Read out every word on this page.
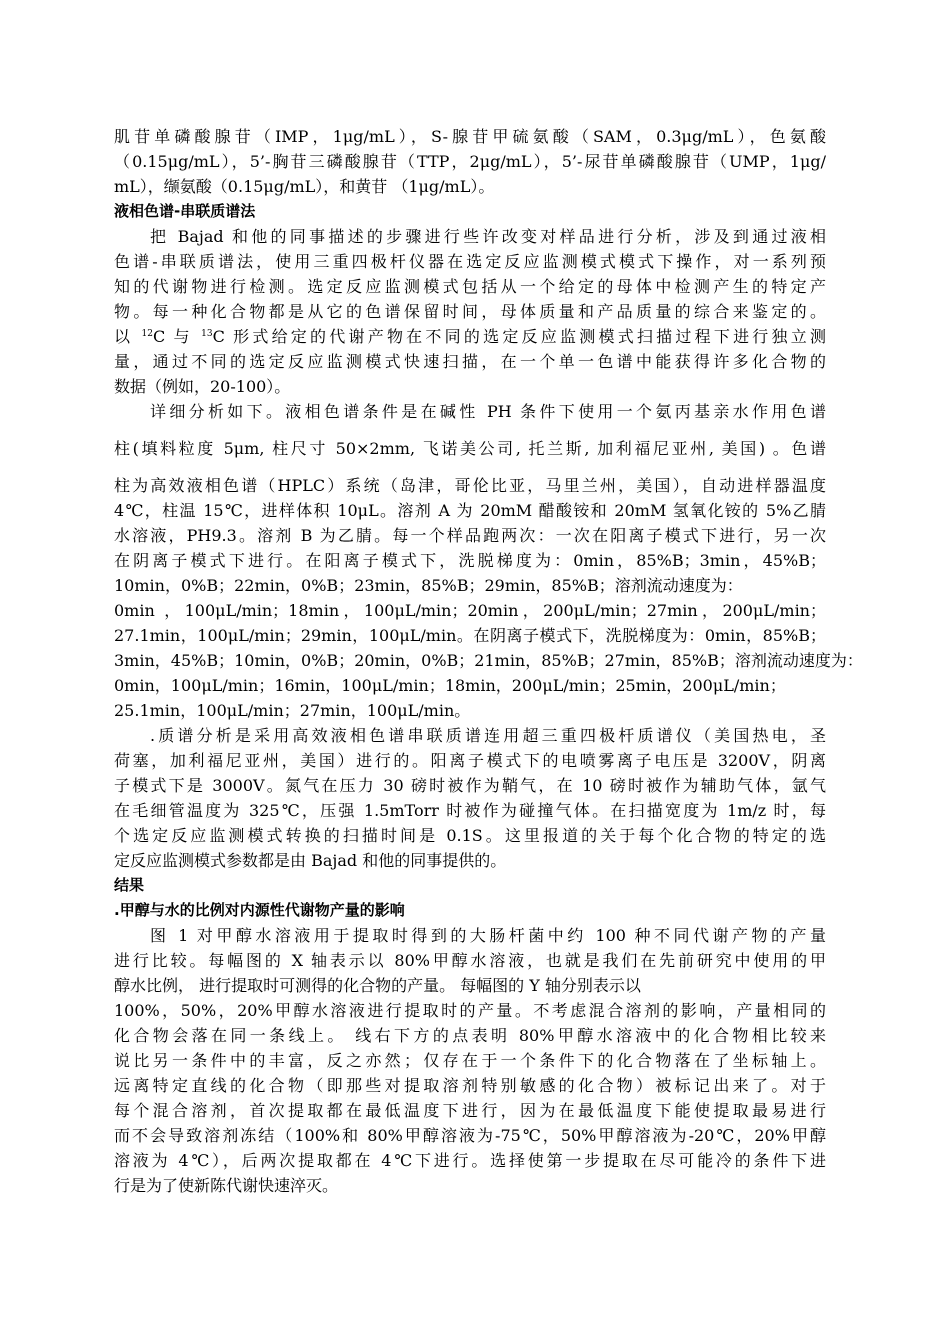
肌苷单磷酸腺苷（IMP，1μg/mL），S-腺苷甲硫氨酸（SAM，0.3μg/mL），色氨酸
（0.15μg/mL），5’-胸苷三磷酸腺苷（TTP，2μg/mL），5’-尿苷单磷酸腺苷（UMP，1μg/
mL），缬氨酸（0.15μg/mL），和黄苷 （1μg/mL）。
液相色谱-串联质谱法
把 Bajad 和他的同事描述的步骤进行些许改变对样品进行分析，涉及到通过液相
色谱-串联质谱法，使用三重四极杆仪器在选定反应监测模式模式下操作，对一系列预
知的代谢物进行检测。选定反应监测模式包括从一个给定的母体中检测产生的特定产
物。每一种化合物都是从它的色谱保留时间，母体质量和产品质量的综合来鉴定的。
以 $^{12}$C 与 $^{13}$C 形式给定的代谢产物在不同的选定反应监测模式扫描过程下进行独立测
量，通过不同的选定反应监测模式快速扫描，在一个单一色谱中能获得许多化合物的
数据（例如，20-100）。
详细分析如下。液相色谱条件是在碱性 PH 条件下使用一个氨丙基亲水作用色谱
柱(填料粒度 5μm, 柱尺寸 50×2mm, 飞诺美公司, 托兰斯, 加利福尼亚州, 美国) 。色谱
柱为高效液相色谱（HPLC）系统（岛津，哥伦比亚，马里兰州，美国），自动进样器温度
4℃，柱温 15℃，进样体积 10μL。溶剂 A 为 20mM 醋酸铵和 20mM 氢氧化铵的 5%乙腈
水溶液，PH9.3。溶剂 B 为乙腈。每一个样品跑两次：一次在阳离子模式下进行，另一次
在阴离子模式下进行。在阳离子模式下，洗脱梯度为：0min，85%B；3min，45%B；
10min，0%B；22min，0%B；23min，85%B；29min，85%B；溶剂流动速度为：
0min ，100μL/min；18min，100μL/min；20min，200μL/min；27min，200μL/min；
27.1min，100μL/min；29min，100μL/min。在阴离子模式下，洗脱梯度为：0min，85%B；
3min，45%B；10min，0%B；20min，0%B；21min，85%B；27min，85%B；溶剂流动速度为：
0min，100μL/min；16min，100μL/min；18min，200μL/min；25min，200μL/min；
25.1min，100μL/min；27min，100μL/min。
.质谱分析是采用高效液相色谱串联质谱连用超三重四极杆质谱仪（美国热电，圣
荷塞，加利福尼亚州，美国）进行的。阳离子模式下的电喷雾离子电压是 3200V，阴离
子模式下是 3000V。氮气在压力 30 磅时被作为鞘气，在 10 磅时被作为辅助气体，氩气
在毛细管温度为 325℃，压强 1.5mTorr 时被作为碰撞气体。在扫描宽度为 1m/z 时，每
个选定反应监测模式转换的扫描时间是 0.1S。这里报道的关于每个化合物的特定的选
定反应监测模式参数都是由 Bajad 和他的同事提供的。
结果
.甲醇与水的比例对内源性代谢物产量的影响
图 1 对甲醇水溶液用于提取时得到的大肠杆菌中约 100 种不同代谢产物的产量
进行比较。每幅图的 X 轴表示以 80%甲醇水溶液，也就是我们在先前研究中使用的甲
醇水比例， 进行提取时可测得的化合物的产量。 每幅图的 Y 轴分别表示以
100%，50%，20%甲醇水溶液进行提取时的产量。不考虑混合溶剂的影响，产量相同的
化合物会落在同一条线上。 线右下方的点表明 80%甲醇水溶液中的化合物相比较来
说比另一条件中的丰富，反之亦然；仅存在于一个条件下的化合物落在了坐标轴上。
远离特定直线的化合物（即那些对提取溶剂特别敏感的化合物）被标记出来了。对于
每个混合溶剂，首次提取都在最低温度下进行，因为在最低温度下能使提取最易进行
而不会导致溶剂冻结（100%和 80%甲醇溶液为-75℃，50%甲醇溶液为-20℃，20%甲醇
溶液为 4℃），后两次提取都在 4℃下进行。选择使第一步提取在尽可能冷的条件下进
行是为了使新陈代谢快速淬灭。
